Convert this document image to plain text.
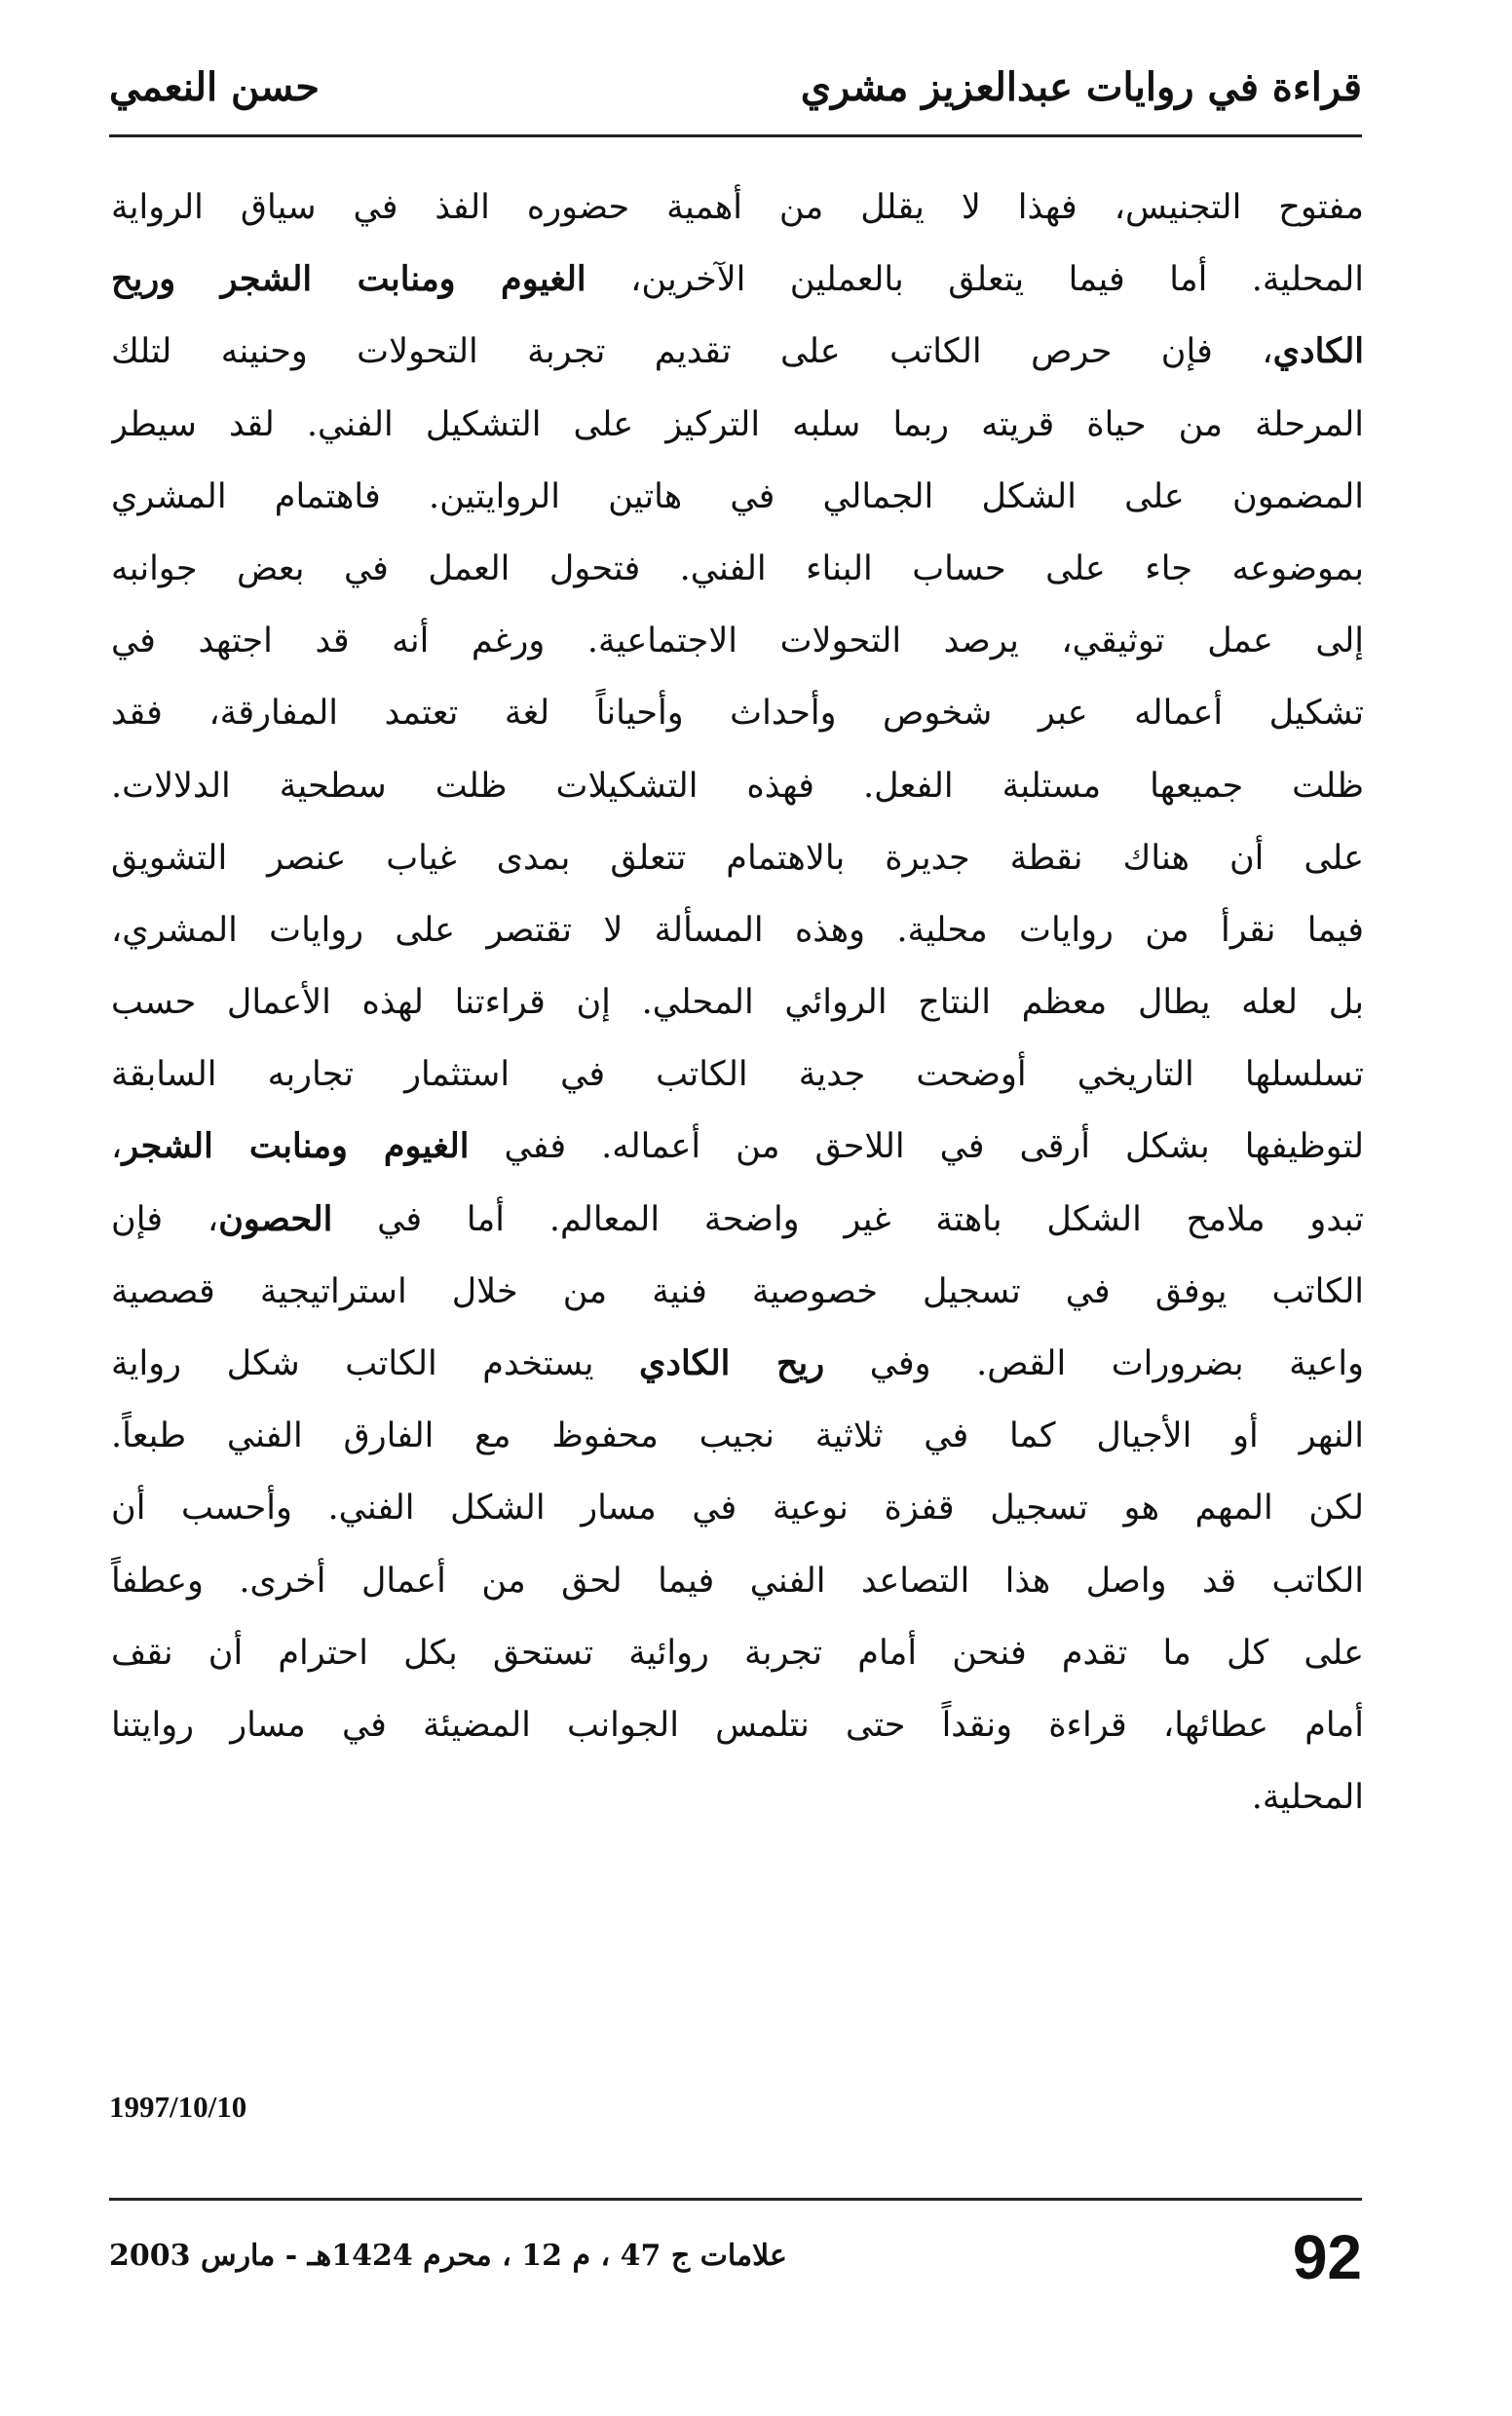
قراءة في روايات عبدالعزيز مشري
حسن النعمي
مفتوح التجنيس، فهذا لا يقلل من أهمية حضوره الفذ في سياق الرواية
المحلية. أما فيما يتعلق بالعملين الآخرين، الغيوم ومنابت الشجر وريح
الكادي، فإن حرص الكاتب على تقديم تجربة التحولات وحنينه لتلك
المرحلة من حياة قريته ربما سلبه التركيز على التشكيل الفني. لقد سيطر
المضمون على الشكل الجمالي في هاتين الروايتين. فاهتمام المشري
بموضوعه جاء على حساب البناء الفني. فتحول العمل في بعض جوانبه
إلى عمل توثيقي، يرصد التحولات الاجتماعية. ورغم أنه قد اجتهد في
تشكيل أعماله عبر شخوص وأحداث وأحياناً لغة تعتمد المفارقة، فقد
ظلت جميعها مستلبة الفعل. فهذه التشكيلات ظلت سطحية الدلالات.
على أن هناك نقطة جديرة بالاهتمام تتعلق بمدى غياب عنصر التشويق
فيما نقرأ من روايات محلية. وهذه المسألة لا تقتصر على روايات المشري،
بل لعله يطال معظم النتاج الروائي المحلي. إن قراءتنا لهذه الأعمال حسب
تسلسلها التاريخي أوضحت جدية الكاتب في استثمار تجاربه السابقة
لتوظيفها بشكل أرقى في اللاحق من أعماله. ففي الغيوم ومنابت الشجر،
تبدو ملامح الشكل باهتة غير واضحة المعالم. أما في الحصون، فإن
الكاتب يوفق في تسجيل خصوصية فنية من خلال استراتيجية قصصية
واعية بضرورات القص. وفي ريح الكادي يستخدم الكاتب شكل رواية
النهر أو الأجيال كما في ثلاثية نجيب محفوظ مع الفارق الفني طبعاً.
لكن المهم هو تسجيل قفزة نوعية في مسار الشكل الفني. وأحسب أن
الكاتب قد واصل هذا التصاعد الفني فيما لحق من أعمال أخرى. وعطفاً
على كل ما تقدم فنحن أمام تجربة روائية تستحق بكل احترام أن نقف
أمام عطائها، قراءة ونقداً حتى نتلمس الجوانب المضيئة في مسار روايتنا
المحلية.
1997/10/10
علامات ج 47 ، م 12 ، محرم 1424هـ - مارس 2003	92
